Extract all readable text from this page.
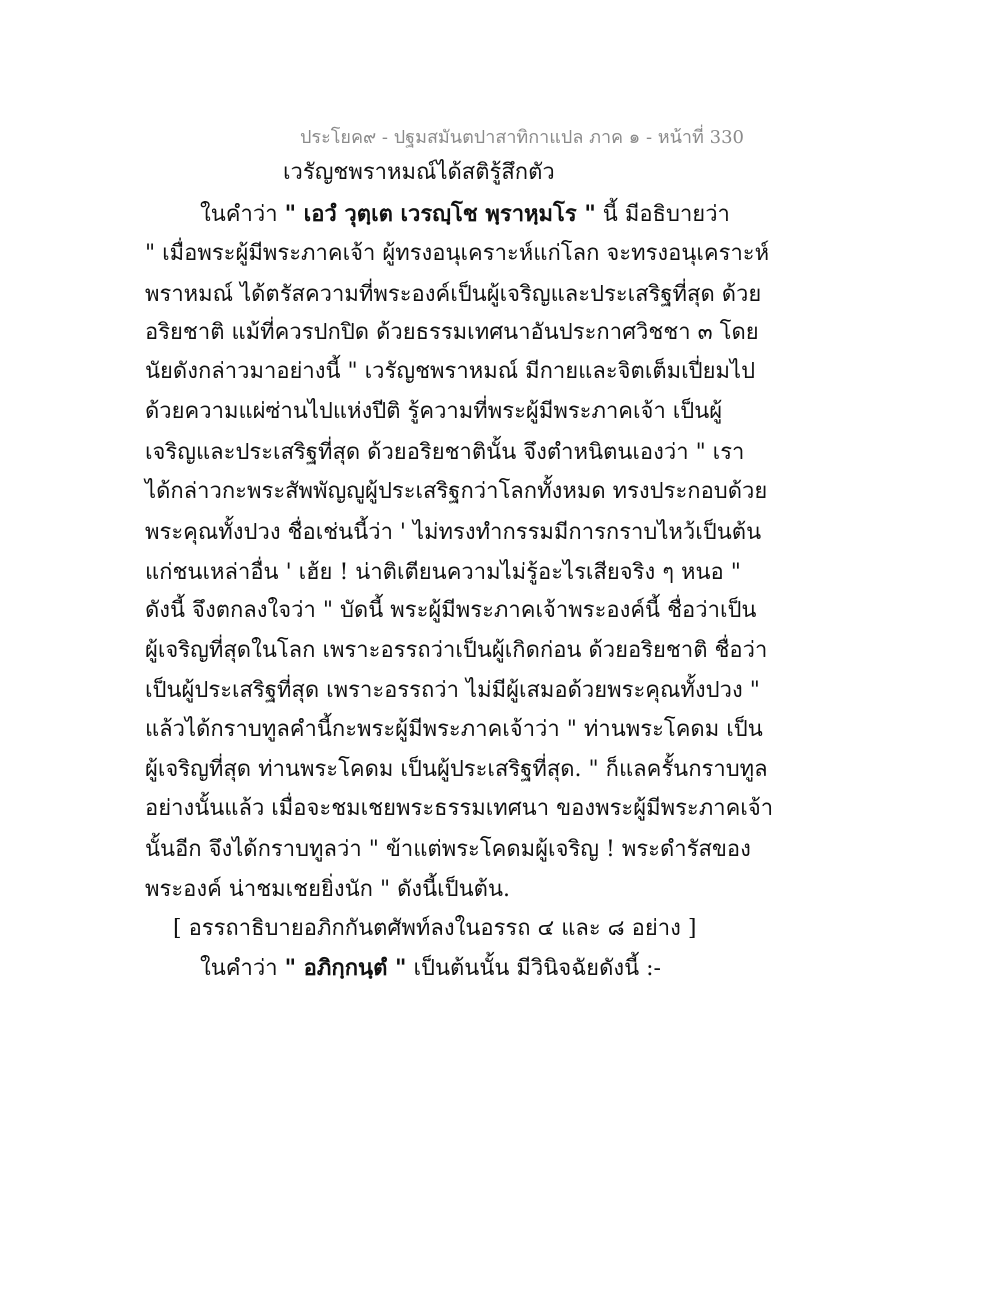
ประโยค๙ - ปฐมสมันตปาสาทิกาแปล ภาค ๑ - หน้าที่ 330
เวรัญชพราหมณ์ได้สติรู้สึกตัว
ในคำว่า " เอวํ วุตฺเต เวรญฺโช พฺราหฺมโร " นี้ มีอธิบายว่า
" เมื่อพระผู้มีพระภาคเจ้า ผู้ทรงอนุเคราะห์แก่โลก จะทรงอนุเคราะห์
พราหมณ์ ได้ตรัสความที่พระองค์เป็นผู้เจริญและประเสริฐที่สุด ด้วย
อริยชาติ แม้ที่ควรปกปิด ด้วยธรรมเทศนาอันประกาศวิชชา ๓ โดย
นัยดังกล่าวมาอย่างนี้ " เวรัญชพราหมณ์ มีกายและจิตเต็มเปี่ยมไป
ด้วยความแผ่ซ่านไปแห่งปีติ รู้ความที่พระผู้มีพระภาคเจ้า เป็นผู้
เจริญและประเสริฐที่สุด ด้วยอริยชาตินั้น จึงตำหนิตนเองว่า " เรา
ได้กล่าวกะพระสัพพัญญูผู้ประเสริฐกว่าโลกทั้งหมด ทรงประกอบด้วย
พระคุณทั้งปวง ชื่อเช่นนี้ว่า ' ไม่ทรงทำกรรมมีการกราบไหว้เป็นต้น
แก่ชนเหล่าอื่น ' เฮ้ย ! น่าติเตียนความไม่รู้อะไรเสียจริง ๆ หนอ "
ดังนี้ จึงตกลงใจว่า " บัดนี้ พระผู้มีพระภาคเจ้าพระองค์นี้ ชื่อว่าเป็น
ผู้เจริญที่สุดในโลก เพราะอรรถว่าเป็นผู้เกิดก่อน ด้วยอริยชาติ ชื่อว่า
เป็นผู้ประเสริฐที่สุด เพราะอรรถว่า ไม่มีผู้เสมอด้วยพระคุณทั้งปวง "
แล้วได้กราบทูลคำนี้กะพระผู้มีพระภาคเจ้าว่า " ท่านพระโคดม เป็น
ผู้เจริญที่สุด ท่านพระโคดม เป็นผู้ประเสริฐที่สุด. " ก็แลครั้นกราบทูล
อย่างนั้นแล้ว เมื่อจะชมเชยพระธรรมเทศนา ของพระผู้มีพระภาคเจ้า
นั้นอีก จึงได้กราบทูลว่า " ข้าแต่พระโคดมผู้เจริญ ! พระดำรัสของ
พระองค์ น่าชมเชยยิ่งนัก " ดังนี้เป็นต้น.
[ อรรถาธิบายอภิกกันตศัพท์ลงในอรรถ ๔ และ ๘ อย่าง ]
ในคำว่า " อภิกฺกนฺตํ " เป็นต้นนั้น มีวินิจฉัยดังนี้ :-
